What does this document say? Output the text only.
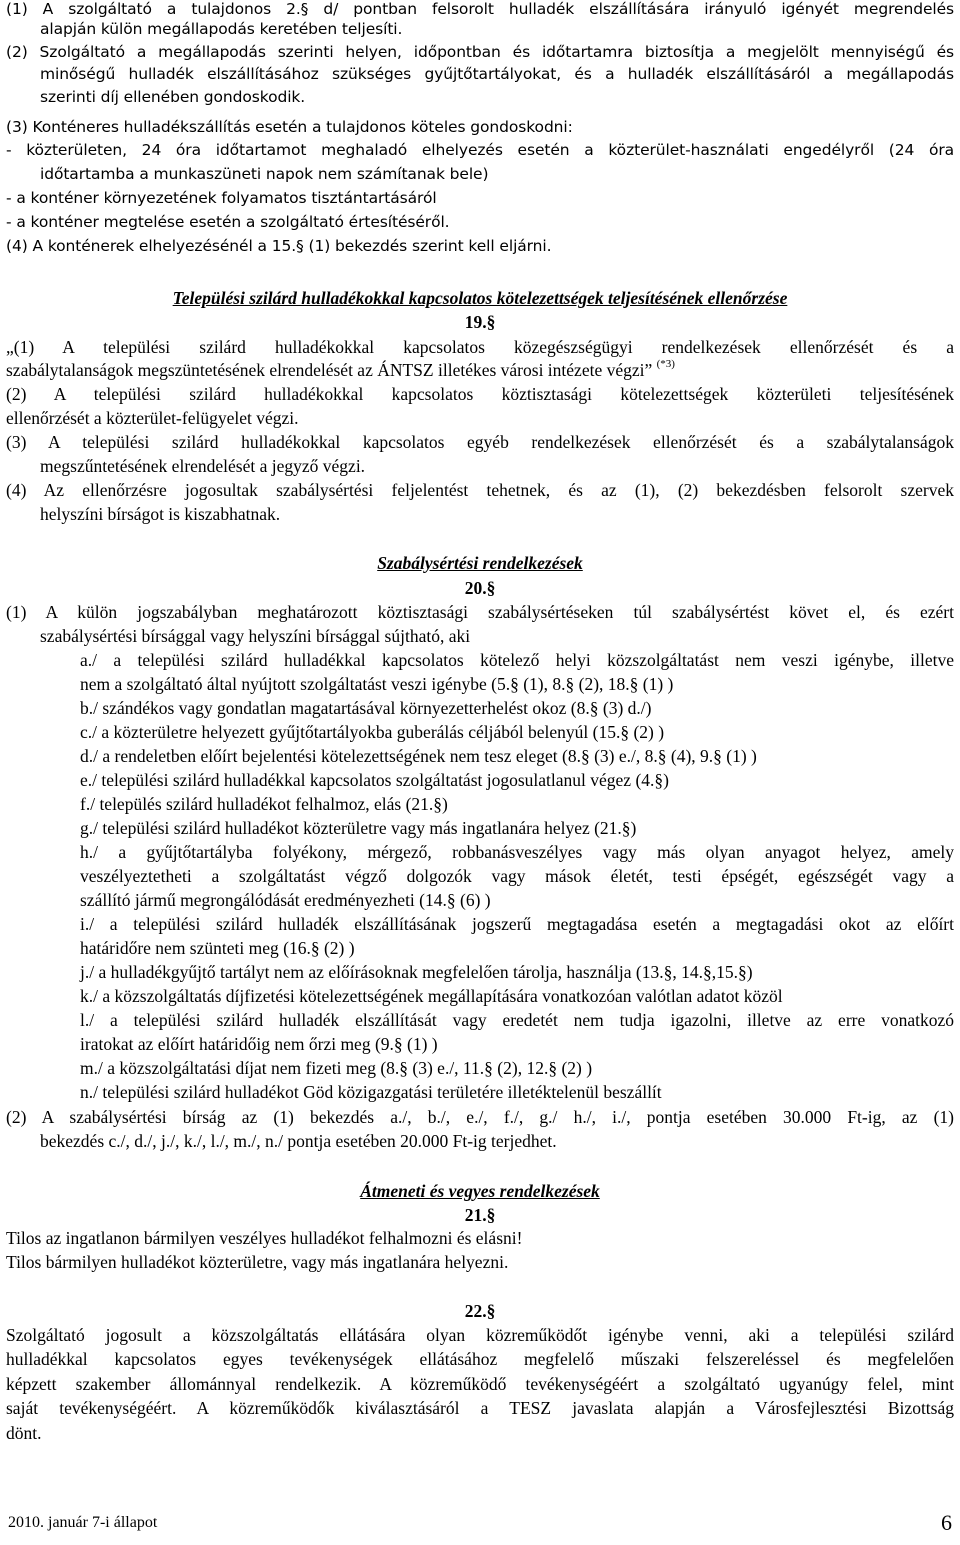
(1) A szolgáltató a tulajdonos 2.§ d/ pontban felsorolt hulladék elszállítására irányuló igényét megrendelés
alapján külön megállapodás keretében teljesíti.
(2) Szolgáltató a megállapodás szerinti helyen, időpontban és időtartamra biztosítja a megjelölt mennyiségű és
minőségű hulladék elszállításához szükséges gyűjtőtartályokat, és a hulladék elszállításáról a megállapodás
szerinti díj ellenében gondoskodik.
(3) Konténeres hulladékszállítás esetén a tulajdonos köteles gondoskodni:
- közterületen, 24 óra időtartamot meghaladó elhelyezés esetén a közterület-használati engedélyről (24 óra
időtartamba a munkaszüneti napok nem számítanak bele)
- a konténer környezetének folyamatos tisztántartásáról
- a konténer megtelése esetén a szolgáltató értesítéséről.
(4) A konténerek elhelyezésénél a 15.§ (1) bekezdés szerint kell eljárni.
Települési szilárd hulladékokkal kapcsolatos kötelezettségek teljesítésének ellenőrzése
19.§
„(1) A települési szilárd hulladékokkal kapcsolatos közegészségügyi rendelkezések ellenőrzését és a
szabálytalanságok megszüntetésének elrendelését az ÁNTSZ illetékes városi intézete végzi” $^{(*3)}$
(2) A települési szilárd hulladékokkal kapcsolatos köztisztasági kötelezettségek közterületi teljesítésének
ellenőrzését a közterület-felügyelet végzi.
(3) A települési szilárd hulladékokkal kapcsolatos egyéb rendelkezések ellenőrzését és a szabálytalanságok
megszűntetésének elrendelését a jegyző végzi.
(4) Az ellenőrzésre jogosultak szabálysértési feljelentést tehetnek, és az (1), (2) bekezdésben felsorolt szervek
helyszíni bírságot is kiszabhatnak.
Szabálysértési rendelkezések
20.§
(1) A külön jogszabályban meghatározott köztisztasági szabálysértéseken túl szabálysértést követ el, és ezért
szabálysértési bírsággal vagy helyszíni bírsággal sújtható, aki
a./ a települési szilárd hulladékkal kapcsolatos kötelező helyi közszolgáltatást nem veszi igénybe, illetve
nem a szolgáltató által nyújtott szolgáltatást veszi igénybe (5.§ (1), 8.§ (2), 18.§ (1) )
b./ szándékos vagy gondatlan magatartásával környezetterhelést okoz (8.§ (3) d./)
c./ a közterületre helyezett gyűjtőtartályokba guberálás céljából belenyúl (15.§ (2) )
d./ a rendeletben előírt bejelentési kötelezettségének nem tesz eleget (8.§ (3) e./, 8.§ (4), 9.§ (1) )
e./ települési szilárd hulladékkal kapcsolatos szolgáltatást jogosulatlanul végez (4.§)
f./ település szilárd hulladékot felhalmoz, elás (21.§)
g./ települési szilárd hulladékot közterületre vagy más ingatlanára helyez (21.§)
h./ a gyűjtőtartályba folyékony, mérgező, robbanásveszélyes vagy más olyan anyagot helyez, amely
veszélyeztetheti a szolgáltatást végző dolgozók vagy mások életét, testi épségét, egészségét vagy a
szállító jármű megrongálódását eredményezheti (14.§ (6) )
i./ a települési szilárd hulladék elszállításának jogszerű megtagadása esetén a megtagadási okot az előírt
határidőre nem szünteti meg (16.§ (2) )
j./ a hulladékgyűjtő tartályt nem az előírásoknak megfelelően tárolja, használja (13.§, 14.§,15.§)
k./ a közszolgáltatás díjfizetési kötelezettségének megállapítására vonatkozóan valótlan adatot közöl
l./ a települési szilárd hulladék elszállítását vagy eredetét nem tudja igazolni, illetve az erre vonatkozó
iratokat az előírt határidőig nem őrzi meg (9.§ (1) )
m./ a közszolgáltatási díjat nem fizeti meg (8.§ (3) e./, 11.§ (2), 12.§ (2) )
n./ települési szilárd hulladékot Göd közigazgatási területére illetéktelenül beszállít
(2) A szabálysértési bírság az (1) bekezdés a./, b./, e./, f./, g./ h./, i./, pontja esetében 30.000 Ft-ig, az (1)
bekezdés c./, d./, j./, k./, l./, m./, n./ pontja esetében 20.000 Ft-ig terjedhet.
Átmeneti és vegyes rendelkezések
21.§
Tilos az ingatlanon bármilyen veszélyes hulladékot felhalmozni és elásni!
Tilos bármilyen hulladékot közterületre, vagy más ingatlanára helyezni.
22.§
Szolgáltató jogosult a közszolgáltatás ellátására olyan közreműködőt igénybe venni, aki a települési szilárd
hulladékkal kapcsolatos egyes tevékenységek ellátásához megfelelő műszaki felszereléssel és megfelelően
képzett szakember állománnyal rendelkezik. A közreműködő tevékenységéért a szolgáltató ugyanúgy felel, mint
saját tevékenységéért. A közreműködők kiválasztásáról a TESZ javaslata alapján a Városfejlesztési Bizottság
dönt.
2010. január 7-i állapot	6
